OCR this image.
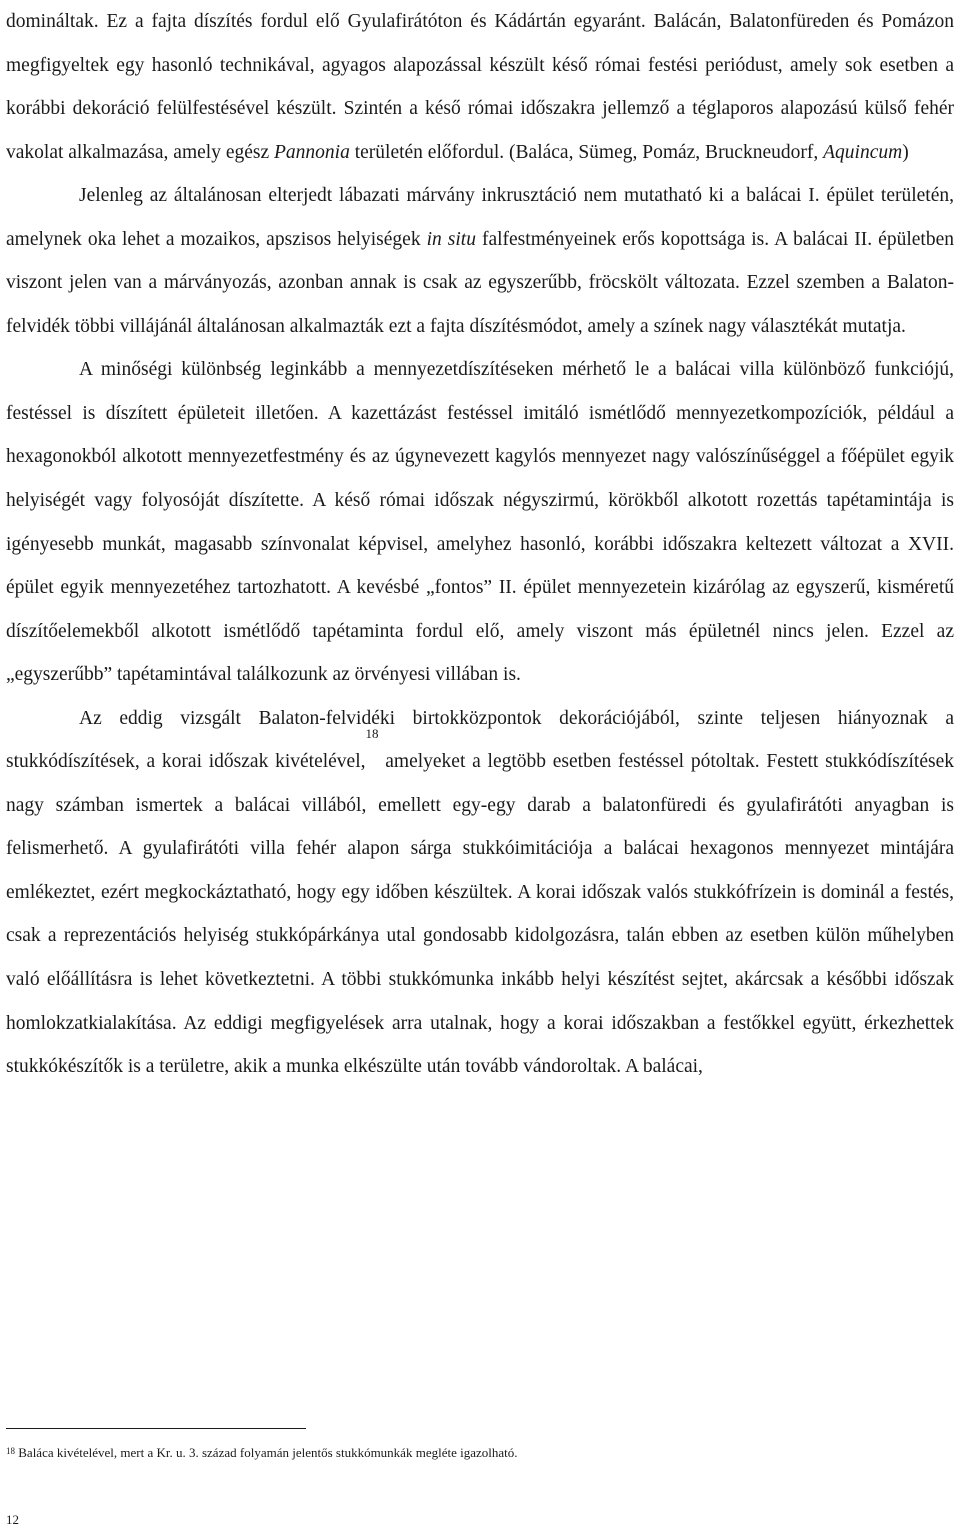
domináltak. Ez a fajta díszítés fordul elő Gyulafirátóton és Kádártán egyaránt. Balácán, Balatonfüreden és Pomázon megfigyeltek egy hasonló technikával, agyagos alapozással készült késő római festési periódust, amely sok esetben a korábbi dekoráció felülfestésével készült. Szintén a késő római időszakra jellemző a téglaporos alapozású külső fehér vakolat alkalmazása, amely egész Pannonia területén előfordul. (Baláca, Sümeg, Pomáz, Bruckneudorf, Aquincum)

Jelenleg az általánosan elterjedt lábazati márvány inkrusztáció nem mutatható ki a balácai I. épület területén, amelynek oka lehet a mozaikos, apszisos helyiségek in situ falfestményeinek erős kopottsága is. A balácai II. épületben viszont jelen van a márványozás, azonban annak is csak az egyszerűbb, fröcskölt változata. Ezzel szemben a Balaton-felvidék többi villájánál általánosan alkalmazták ezt a fajta díszítésmódot, amely a színek nagy választékát mutatja.

A minőségi különbség leginkább a mennyezetdíszítéseken mérhető le a balácai villa különböző funkciójú, festéssel is díszített épületeit illetően. A kazettázást festéssel imitáló ismétlődő mennyezetkompozíciók, például a hexagonokból alkotott mennyezetfestmény és az úgynevezett kagylós mennyezet nagy valószínűséggel a főépület egyik helyiségét vagy folyosóját díszítette. A késő római időszak négyszirmú, körökből alkotott rozettás tapétamintája is igényesebb munkát, magasabb színvonalat képvisel, amelyhez hasonló, korábbi időszakra keltezett változat a XVII. épület egyik mennyezetéhez tartozhatott. A kevésbé „fontos” II. épület mennyezetein kizárólag az egyszerű, kisméretű díszítőelemekből alkotott ismétlődő tapétaminta fordul elő, amely viszont más épületnél nincs jelen. Ezzel az „egyszerűbb” tapétamintával találkozunk az örvényesi villában is.

Az eddig vizsgált Balaton-felvidéki birtokközpontok dekorációjából, szinte teljesen hiányoznak a stukkódíszítések, a korai időszak kivételével,$^{18}$ amelyeket a legtöbb esetben festéssel pótoltak. Festett stukkódíszítések nagy számban ismertek a balácai villából, emellett egy-egy darab a balatonfüredi és gyulafirátóti anyagban is felismerhető. A gyulafirátóti villa fehér alapon sárga stukkóimitációja a balácai hexagonos mennyezet mintájára emlékeztet, ezért megkockáztatható, hogy egy időben készültek. A korai időszak valós stukkófrízein is dominál a festés, csak a reprezentációs helyiség stukkópárkánya utal gondosabb kidolgozásra, talán ebben az esetben külön műhelyben való előállításra is lehet következtetni. A többi stukkómunka inkább helyi készítést sejtet, akárcsak a későbbi időszak homlokzatkialakítása. Az eddigi megfigyelések arra utalnak, hogy a korai időszakban a festőkkel együtt, érkezhettek stukkókészítők is a területre, akik a munka elkészülte után tovább vándoroltak. A balácai,

$^{18}$ Baláca kivételével, mert a Kr. u. 3. század folyamán jelentős stukkómunkák megléte igazolható.

12
